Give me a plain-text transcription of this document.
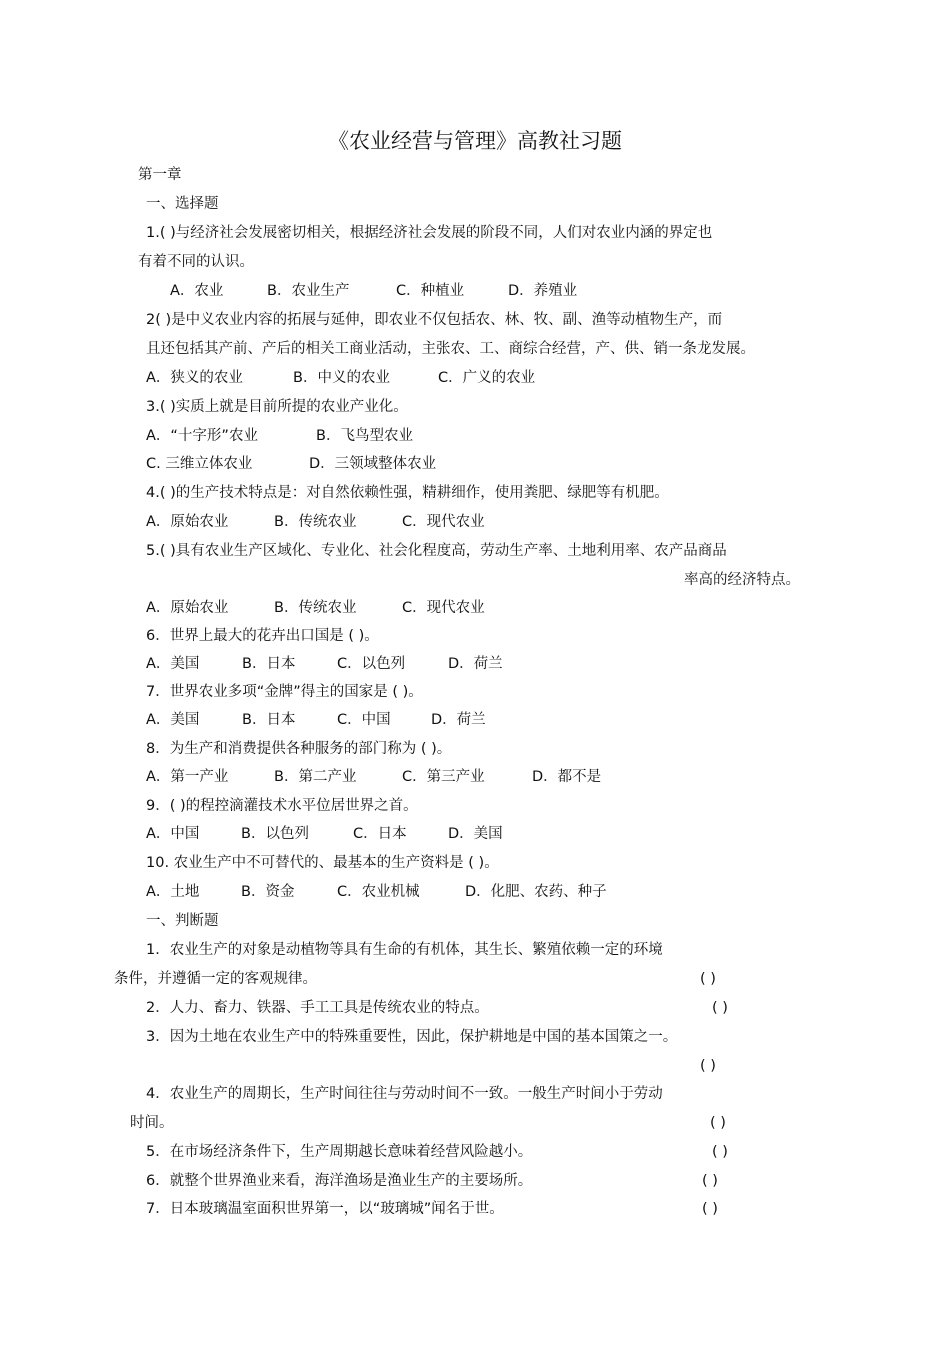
《农业经营与管理》高教社习题
第一章
一、选择题
1.( )与经济社会发展密切相关，根据经济社会发展的阶段不同，人们对农业内涵的界定也
有着不同的认识。
A．农业	B．农业生产	C．种植业	D．养殖业
2( )是中义农业内容的拓展与延伸，即农业不仅包括农、林、牧、副、渔等动植物生产，而
且还包括其产前、产后的相关工商业活动，主张农、工、商综合经营，产、供、销一条龙发展。
A．狭义的农业	B．中义的农业	C．广义的农业
3.( )实质上就是目前所提的农业产业化。
A．“十字形”农业	B．飞鸟型农业
C. 三维立体农业	D．三领域整体农业
4.( )的生产技术特点是：对自然依赖性强，精耕细作，使用粪肥、绿肥等有机肥。
A．原始农业	B．传统农业	C．现代农业
5.( )具有农业生产区域化、专业化、社会化程度高，劳动生产率、土地利用率、农产品商品
率高的经济特点。
A．原始农业	B．传统农业	C．现代农业
6．世界上最大的花卉出口国是 ( )。
A．美国	B．日本	C．以色列	D．荷兰
7．世界农业多项“金牌”得主的国家是 ( )。
A．美国	B．日本	C．中国	D．荷兰
8．为生产和消费提供各种服务的部门称为 ( )。
A．第一产业	B．第二产业	C．第三产业	D．都不是
9．( )的程控滴灌技术水平位居世界之首。
A．中国	B．以色列	C．日本	D．美国
10. 农业生产中不可替代的、最基本的生产资料是 ( )。
A．土地	B．资金	C．农业机械	D．化肥、农药、种子
一、判断题
1．农业生产的对象是动植物等具有生命的有机体，其生长、繁殖依赖一定的环境
条件，并遵循一定的客观规律。	( )
2．人力、畜力、铁器、手工工具是传统农业的特点。	( )
3．因为土地在农业生产中的特殊重要性，因此，保护耕地是中国的基本国策之一。
( )
4．农业生产的周期长，生产时间往往与劳动时间不一致。一般生产时间小于劳动
时间。	( )
5．在市场经济条件下，生产周期越长意味着经营风险越小。	( )
6．就整个世界渔业来看，海洋渔场是渔业生产的主要场所。	( )
7．日本玻璃温室面积世界第一，以“玻璃城”闻名于世。	( )
